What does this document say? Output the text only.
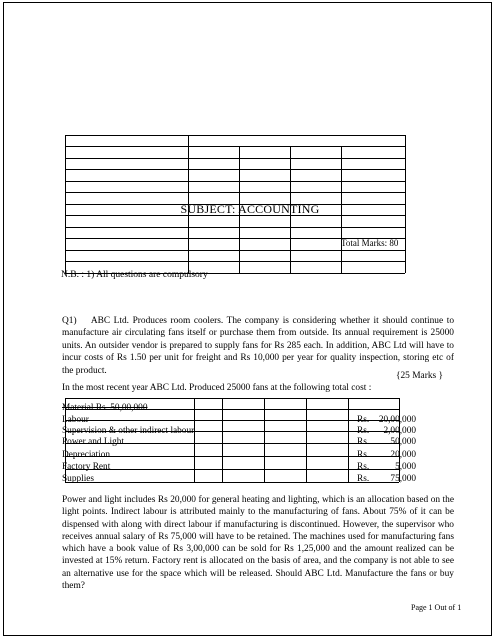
SUBJECT: ACCOUNTING
Total Marks: 80
N.B. : 1) All questions are compulsory
Q1) ABC Ltd. Produces room coolers. The company is considering whether it should continue to manufacture air circulating fans itself or purchase them from outside. Its annual requirement is 25000 units. An outsider vendor is prepared to supply fans for Rs 285 each. In addition, ABC Ltd will have to incur costs of Rs 1.50 per unit for freight and Rs 10,000 per year for quality inspection, storing etc of the product.
{25 Marks }
In the most recent year ABC Ltd. Produced 25000 fans at the following total cost :
Material Rs. 50,00,000
Labour	Rs.	20,00,000
Supervision & other indirect labour	Rs.	2,00,000
Power and Light	Rs.	50,000
Depreciation	Rs.	20,000
Factory Rent	Rs.	5,000
Supplies	Rs.	75,000
Power and light includes Rs 20,000 for general heating and lighting, which is an allocation based on the light points. Indirect labour is attributed mainly to the manufacturing of fans. About 75% of it can be dispensed with along with direct labour if manufacturing is discontinued. However, the supervisor who receives annual salary of Rs 75,000 will have to be retained. The machines used for manufacturing fans which have a book value of Rs 3,00,000 can be sold for Rs 1,25,000 and the amount realized can be invested at 15% return. Factory rent is allocated on the basis of area, and the company is not able to see an alternative use for the space which will be released. Should ABC Ltd. Manufacture the fans or buy them?
Page 1 Out of 1
